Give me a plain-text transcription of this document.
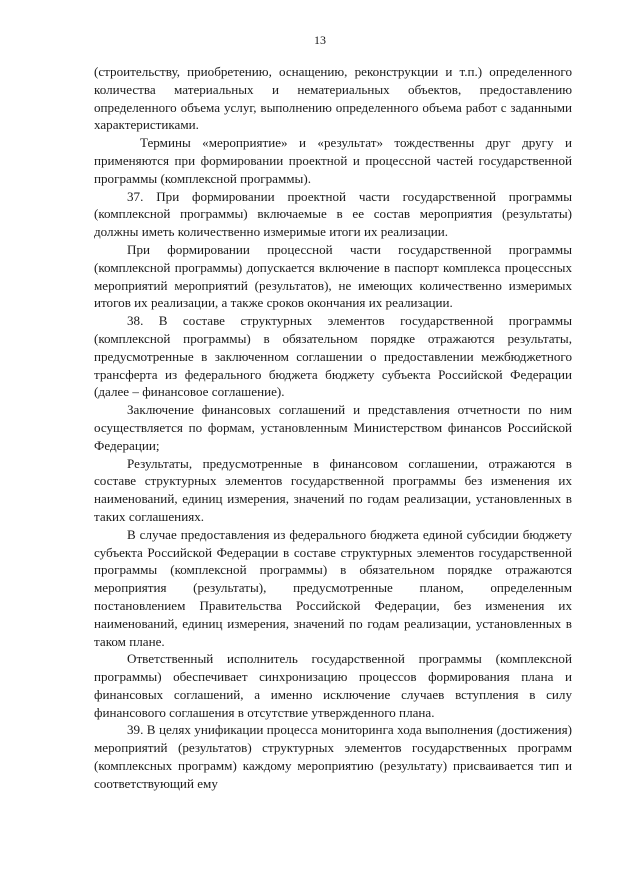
13

(строительству, приобретению, оснащению, реконструкции и т.п.) определенного количества материальных и нематериальных объектов, предоставлению определенного объема услуг, выполнению определенного объема работ с заданными характеристиками.

Термины «мероприятие» и «результат» тождественны друг другу и применяются при формировании проектной и процессной частей государственной программы (комплексной программы).

37. При формировании проектной части государственной программы (комплексной программы) включаемые в ее состав мероприятия (результаты) должны иметь количественно измеримые итоги их реализации.

При формировании процессной части государственной программы (комплексной программы) допускается включение в паспорт комплекса процессных мероприятий мероприятий (результатов), не имеющих количественно измеримых итогов их реализации, а также сроков окончания их реализации.

38. В составе структурных элементов государственной программы (комплексной программы) в обязательном порядке отражаются результаты, предусмотренные в заключенном соглашении о предоставлении межбюджетного трансферта из федерального бюджета бюджету субъекта Российской Федерации (далее – финансовое соглашение).

Заключение финансовых соглашений и представления отчетности по ним осуществляется по формам, установленным Министерством финансов Российской Федерации;

Результаты, предусмотренные в финансовом соглашении, отражаются в составе структурных элементов государственной программы без изменения их наименований, единиц измерения, значений по годам реализации, установленных в таких соглашениях.

В случае предоставления из федерального бюджета единой субсидии бюджету субъекта Российской Федерации в составе структурных элементов государственной программы (комплексной программы) в обязательном порядке отражаются мероприятия (результаты), предусмотренные планом, определенным постановлением Правительства Российской Федерации, без изменения их наименований, единиц измерения, значений по годам реализации, установленных в таком плане.

Ответственный исполнитель государственной программы (комплексной программы) обеспечивает синхронизацию процессов формирования плана и финансовых соглашений, а именно исключение случаев вступления в силу финансового соглашения в отсутствие утвержденного плана.

39. В целях унификации процесса мониторинга хода выполнения (достижения) мероприятий (результатов) структурных элементов государственных программ (комплексных программ) каждому мероприятию (результату) присваивается тип и соответствующий ему
